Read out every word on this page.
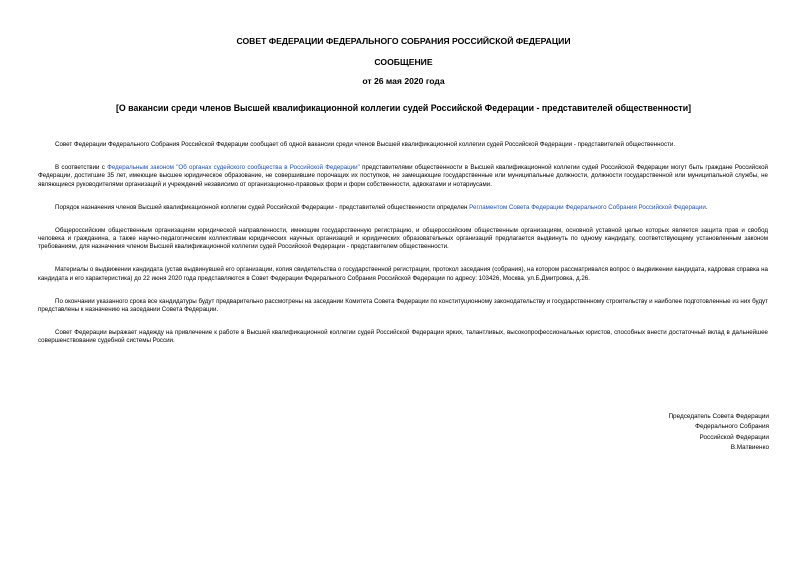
СОВЕТ ФЕДЕРАЦИИ ФЕДЕРАЛЬНОГО СОБРАНИЯ РОССИЙСКОЙ ФЕДЕРАЦИИ
СООБЩЕНИЕ
от 26 мая 2020 года
[О вакансии среди членов Высшей квалификационной коллегии судей Российской Федерации - представителей общественности]

Совет Федерации Федерального Собрания Российской Федерации сообщает об одной вакансии среди членов Высшей квалификационной коллегии судей Российской Федерации - представителей общественности.

В соответствии с Федеральным законом "Об органах судейского сообщества в Российской Федерации" представителями общественности в Высшей квалификационной коллегии судей Российской Федерации могут быть граждане Российской Федерации, достигшие 35 лет, имеющие высшее юридическое образование, не совершившие порочащих их поступков, не замещающие государственные или муниципальные должности, должности государственной или муниципальной службы, не являющиеся руководителями организаций и учреждений независимо от организационно-правовых форм и форм собственности, адвокатами и нотариусами.

Порядок назначения членов Высшей квалификационной коллегии судей Российской Федерации - представителей общественности определен Регламентом Совета Федерации Федерального Собрания Российской Федерации.

Общероссийским общественным организациям юридической направленности, имеющим государственную регистрацию, и общероссийским общественным организациям, основной уставной целью которых является защита прав и свобод человека и гражданина, а также научно-педагогическим коллективам юридических научных организаций и юридических образовательных организаций предлагается выдвинуть по одному кандидату, соответствующему установленным законом требованиям, для назначения членом Высшей квалификационной коллегии судей Российской Федерации - представителем общественности.

Материалы о выдвижении кандидата (устав выдвинувшей его организации, копия свидетельства о государственной регистрации, протокол заседания (собрания), на котором рассматривался вопрос о выдвижении кандидата, кадровая справка на кандидата и его характеристика) до 22 июня 2020 года представляются в Совет Федерации Федерального Собрания Российской Федерации по адресу: 103426, Москва, ул.Б.Дмитровка, д.26.

По окончании указанного срока все кандидатуры будут предварительно рассмотрены на заседании Комитета Совета Федерации по конституционному законодательству и государственному строительству и наиболее подготовленные из них будут представлены к назначению на заседании Совета Федерации.

Совет Федерации выражает надежду на привлечение к работе в Высшей квалификационной коллегии судей Российской Федерации ярких, талантливых, высокопрофессиональных юристов, способных внести достаточный вклад в дальнейшее совершенствование судебной системы России.

Председатель Совета Федерации
Федерального Собрания
Российской Федерации
В.Матвиенко
